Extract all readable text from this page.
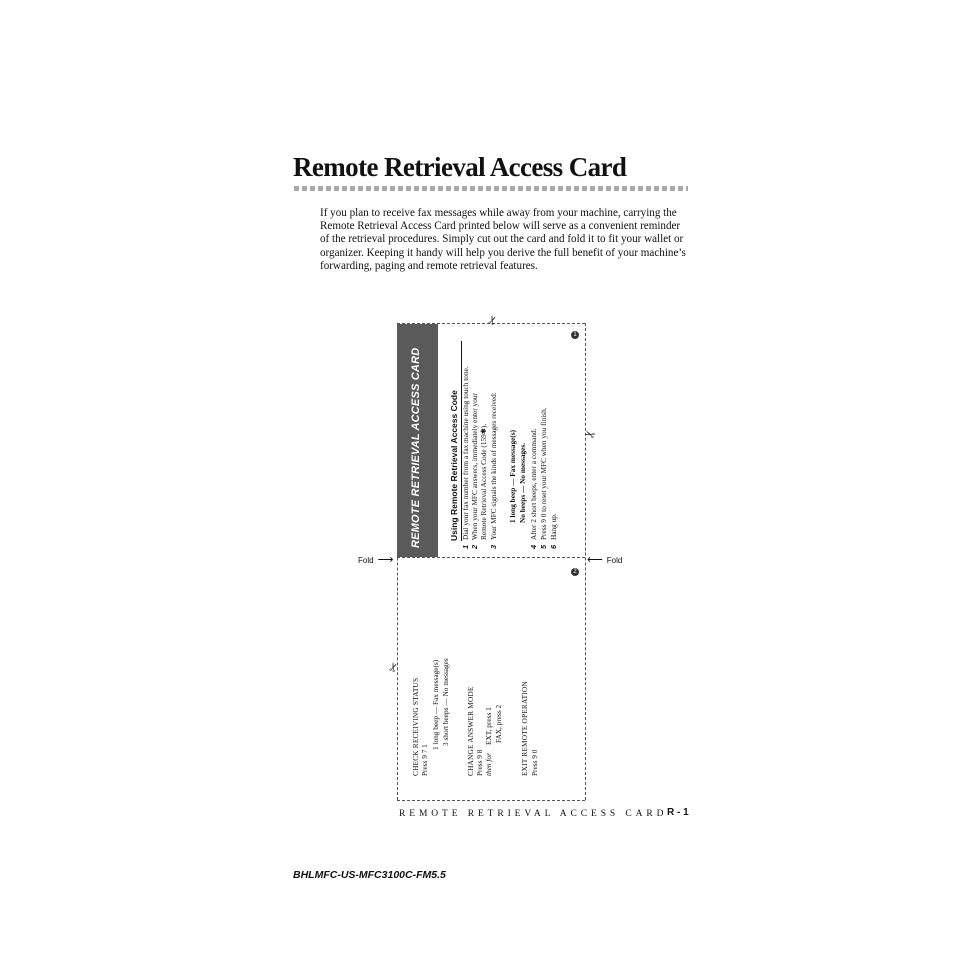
Remote Retrieval Access Card
If you plan to receive fax messages while away from your machine, carrying the Remote Retrieval Access Card printed below will serve as a convenient reminder of the retrieval procedures. Simply cut out the card and fold it to fit your wallet or organizer. Keeping it handy will help you derive the full benefit of your machine’s forwarding, paging and remote retrieval features.
✂
✂
✂
Fold ⟶	⟵ Fold
REMOTE RETRIEVAL ACCESS CARD
1
2
Using Remote Retrieval Access Code
1Dial your fax number from a fax machine using touch tone.
2When your MFC answers, immediately enter your Remote Retrieval Access Code (159✱).
3Your MFC signals the kinds of messages received: 1 long beep — Fax message(s) No beeps — No messages.
4After 2 short beeps, enter a command.
5Press 9 0 to reset your MFC when you finish.
6Hang up.
CHECK RECEIVING STATUS Press 9 7 1
1 long beep — Fax message(s) 3 short beeps — No messages CHANGE ANSWER MODE Press 9 8 then for
EXT, press 1 FAX, press 2 EXIT REMOTE OPERATION Press 9 0
REMOTE RETRIEVAL ACCESS CARD R - 1
BHLMFC-US-MFC3100C-FM5.5
